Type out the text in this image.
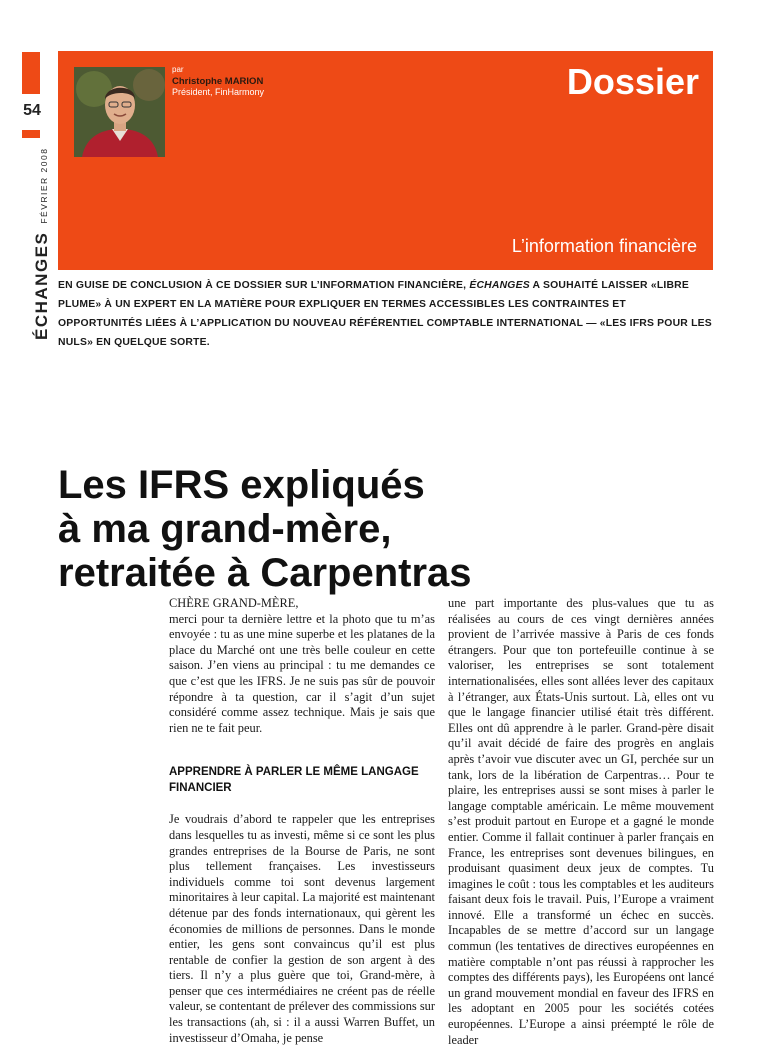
54
ÉCHANGESFÉVRIER 2008
par
Christophe MARION
Président, FinHarmony	Dossier
L’information financière
EN GUISE DE CONCLUSION À CE DOSSIER SUR L’INFORMATION FINANCIÈRE, ÉCHANGES A SOUHAITÉ LAISSER «LIBRE PLUME» À UN EXPERT EN LA MATIÈRE POUR EXPLIQUER EN TERMES ACCESSIBLES LES CONTRAINTES ET OPPORTUNITÉS LIÉES À L’APPLICATION DU NOUVEAU RÉFÉRENTIEL COMPTABLE INTERNATIONAL — «LES IFRS POUR LES NULS» EN QUELQUE SORTE.
Les IFRS expliqués
à ma grand-mère,
retraitée à Carpentras
CHÈRE GRAND-MÈRE,

merci pour ta dernière lettre et la photo que tu m’as envoyée : tu as une mine superbe et les platanes de la place du Marché ont une très belle couleur en cette saison. J’en viens au principal : tu me demandes ce que c’est que les IFRS. Je ne suis pas sûr de pouvoir répondre à ta question, car il s’agit d’un sujet considéré comme assez technique. Mais je sais que rien ne te fait peur.

APPRENDRE À PARLER LE MÊME LANGAGE FINANCIER

Je voudrais d’abord te rappeler que les entreprises dans lesquelles tu as investi, même si ce sont les plus grandes entreprises de la Bourse de Paris, ne sont plus tellement françaises. Les investisseurs individuels comme toi sont devenus largement minoritaires à leur capital. La majorité est maintenant détenue par des fonds internationaux, qui gèrent les économies de millions de personnes. Dans le monde entier, les gens sont convaincus qu’il est plus rentable de confier la gestion de son argent à des tiers. Il n’y a plus guère que toi, Grand-mère, à penser que ces intermédiaires ne créent pas de réelle valeur, se contentant de prélever des commissions sur les transactions (ah, si : il a aussi Warren Buffet, un investisseur d’Omaha, je pense

une part importante des plus-values que tu as réalisées au cours de ces vingt dernières années provient de l’arrivée massive à Paris de ces fonds étrangers. Pour que ton portefeuille continue à se valoriser, les entreprises se sont totalement internationalisées, elles sont allées lever des capitaux à l’étranger, aux États-Unis surtout. Là, elles ont vu que le langage financier utilisé était très différent. Elles ont dû apprendre à le parler. Grand-père disait qu’il avait décidé de faire des progrès en anglais après t’avoir vue discuter avec un GI, perchée sur un tank, lors de la libération de Carpentras… Pour te plaire, les entreprises aussi se sont mises à parler le langage comptable américain. Le même mouvement s’est produit partout en Europe et a gagné le monde entier. Comme il fallait continuer à parler français en France, les entreprises sont devenues bilingues, en produisant quasiment deux jeux de comptes. Tu imagines le coût : tous les comptables et les auditeurs faisant deux fois le travail. Puis, l’Europe a vraiment innové. Elle a transformé un échec en succès. Incapables de se mettre d’accord sur un langage commun (les tentatives de directives européennes en matière comptable n’ont pas réussi à rapprocher les comptes des différents pays), les Européens ont lancé un grand mouvement mondial en faveur des IFRS en les adoptant en 2005 pour les sociétés cotées européennes. L’Europe a ainsi préempté le rôle de leader
